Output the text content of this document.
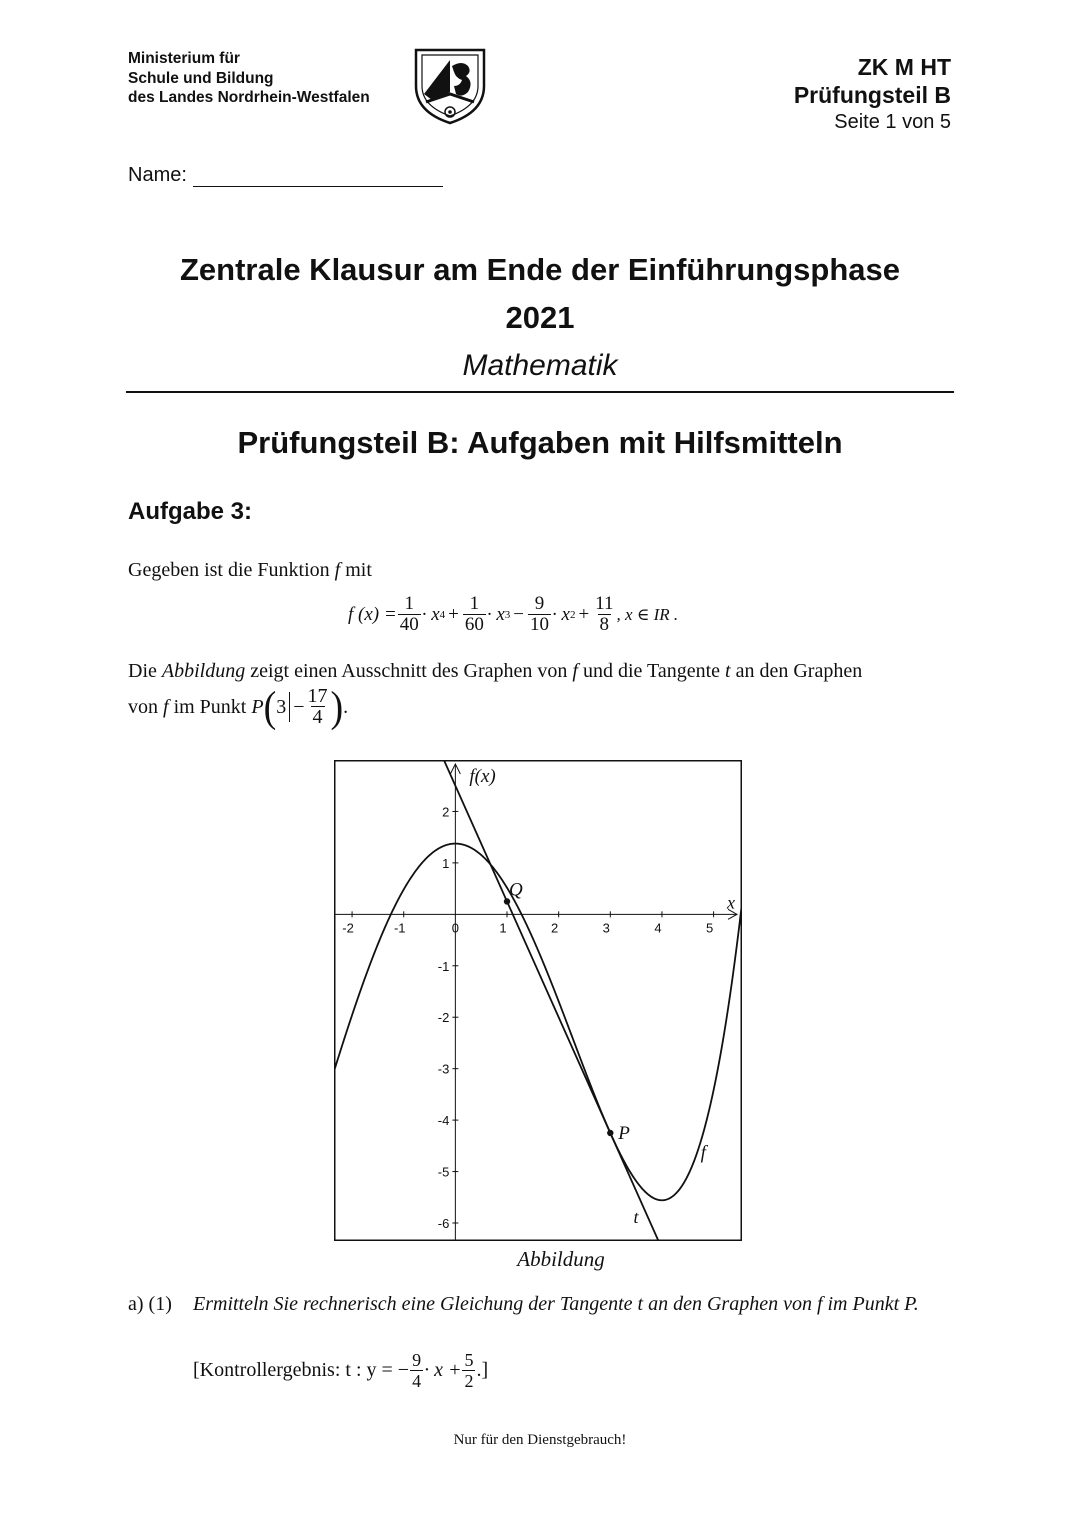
Ministerium für
Schule und Bildung
des Landes Nordrhein-Westfalen
ZK M HT
Prüfungsteil B
Seite 1 von 5
Name:
Zentrale Klausur am Ende der Einführungsphase
2021
Mathematik
Prüfungsteil B: Aufgaben mit Hilfsmitteln
Aufgabe 3:
Gegeben ist die Funktion f mit
f $(x) = \frac{1}{40} \cdot x$ $4 + \frac{1}{60} \cdot x$ $3 - \frac{9}{10} \cdot x$ $2 + \frac{11}{8}$ , x ∈ IR .
Die Abbildung zeigt einen Ausschnitt des Graphen von f und die Tangente t an den Graphen
von
f
im Punkt
P ( $3 - \frac{17}{4}$ ) .
-2	-1	0	1	2	3	4	5
2
1
-1
-2
-3
-4
-5
-6
Q
P
f
t
x
f(x)
Abbildung
a) (1) Ermitteln Sie rechnerisch eine Gleichung der Tangente t an den Graphen von f im Punkt P.
[Kontrollergebnis: t : y = − $\frac{9}{4} \cdot x + \frac{5}{2}$ .]
Nur für den Dienstgebrauch!
